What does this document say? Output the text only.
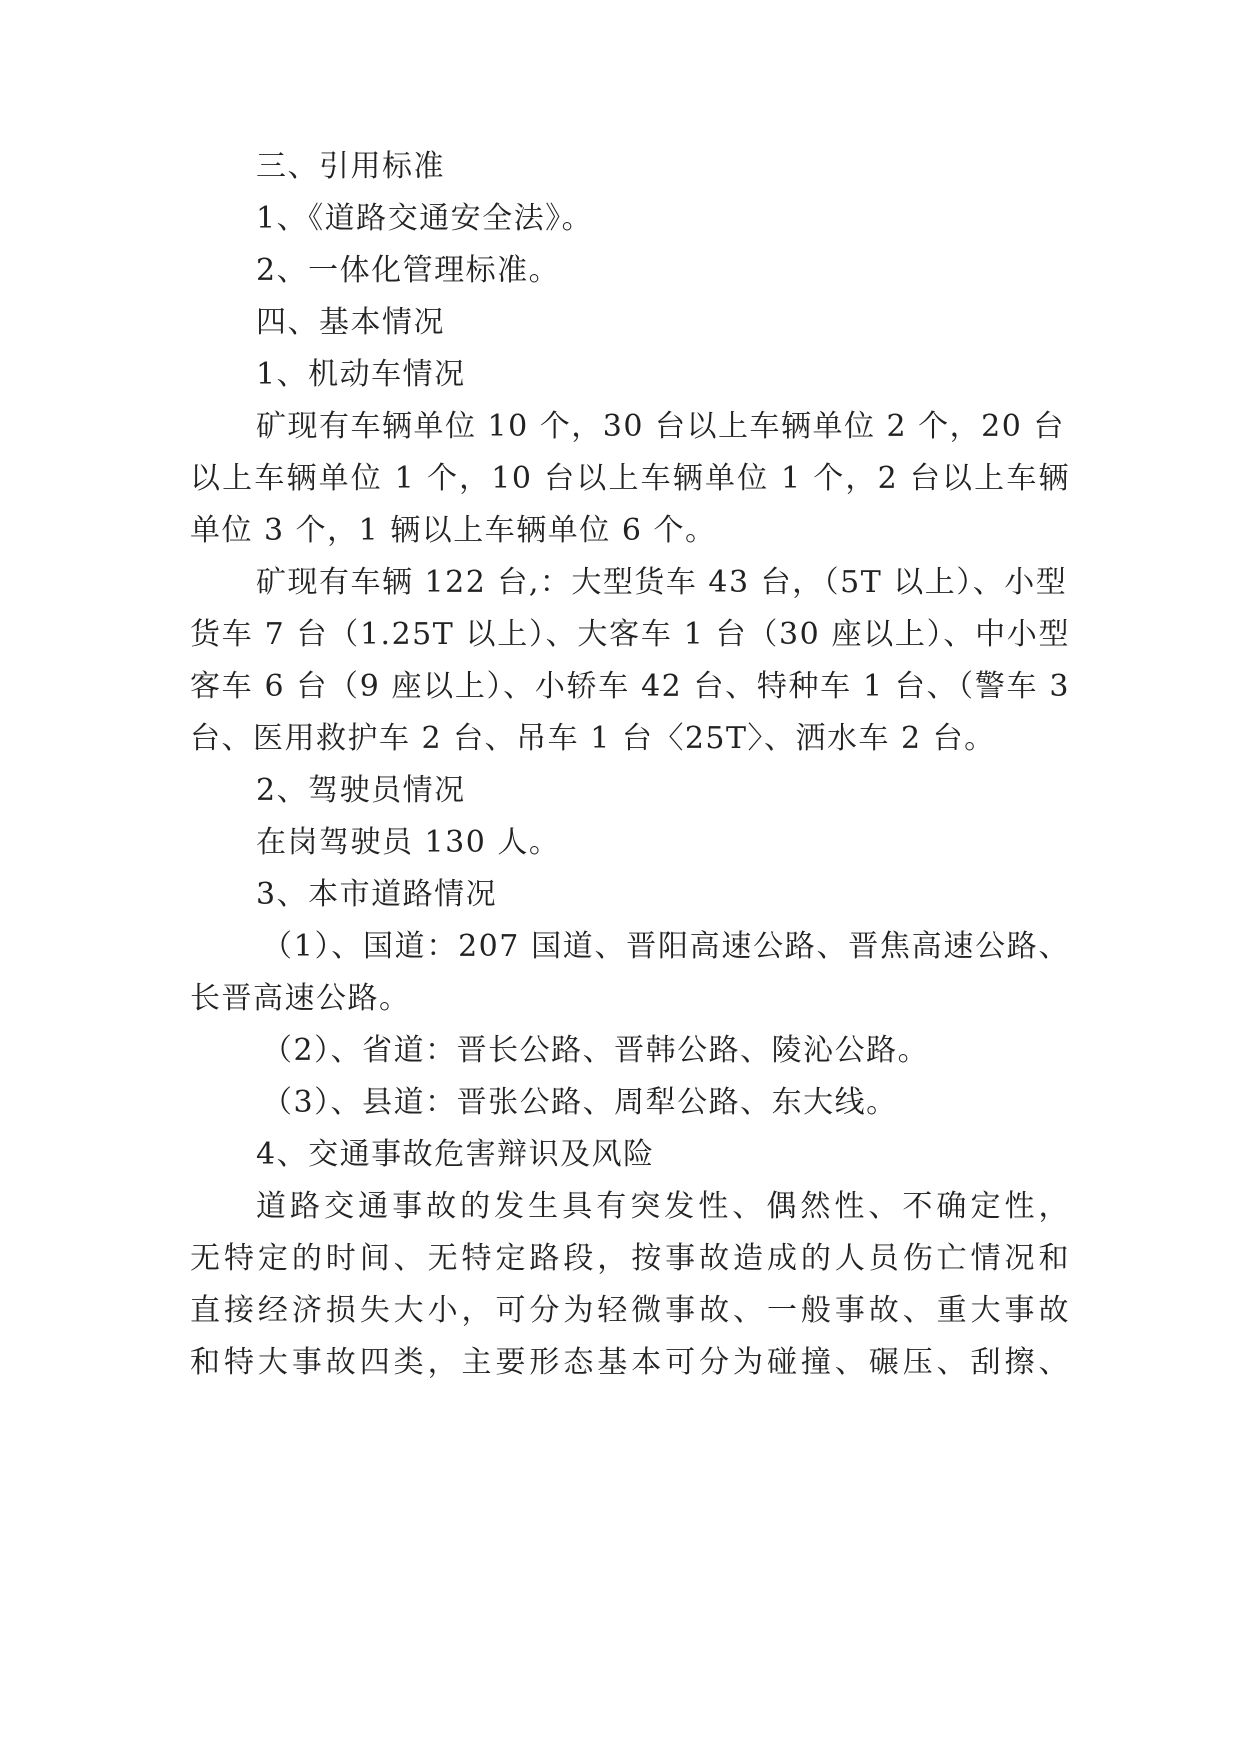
三、引用标准
1、《道路交通安全法》。
2、一体化管理标准。
四、基本情况
1、机动车情况
矿现有车辆单位 10 个，30 台以上车辆单位 2 个，20 台
以上车辆单位 1 个，10 台以上车辆单位 1 个，2 台以上车辆
单位 3 个，1 辆以上车辆单位 6 个。
矿现有车辆 122 台,：大型货车 43 台，（5T 以上）、小型
货车 7 台（1.25T 以上）、大客车 1 台（30 座以上）、中小型
客车 6 台（9 座以上）、小轿车 42 台、特种车 1 台、（警车 3
台、医用救护车 2 台、吊车 1 台〈25T〉、洒水车 2 台。
2、驾驶员情况
在岗驾驶员 130 人。
3、本市道路情况
（1）、国道：207 国道、晋阳高速公路、晋焦高速公路、
长晋高速公路。
（2）、省道：晋长公路、晋韩公路、陵沁公路。
（3）、县道：晋张公路、周犁公路、东大线。
4、交通事故危害辩识及风险
道路交通事故的发生具有突发性、偶然性、不确定性，
无特定的时间、无特定路段，按事故造成的人员伤亡情况和
直接经济损失大小，可分为轻微事故、一般事故、重大事故
和特大事故四类，主要形态基本可分为碰撞、碾压、刮擦、
